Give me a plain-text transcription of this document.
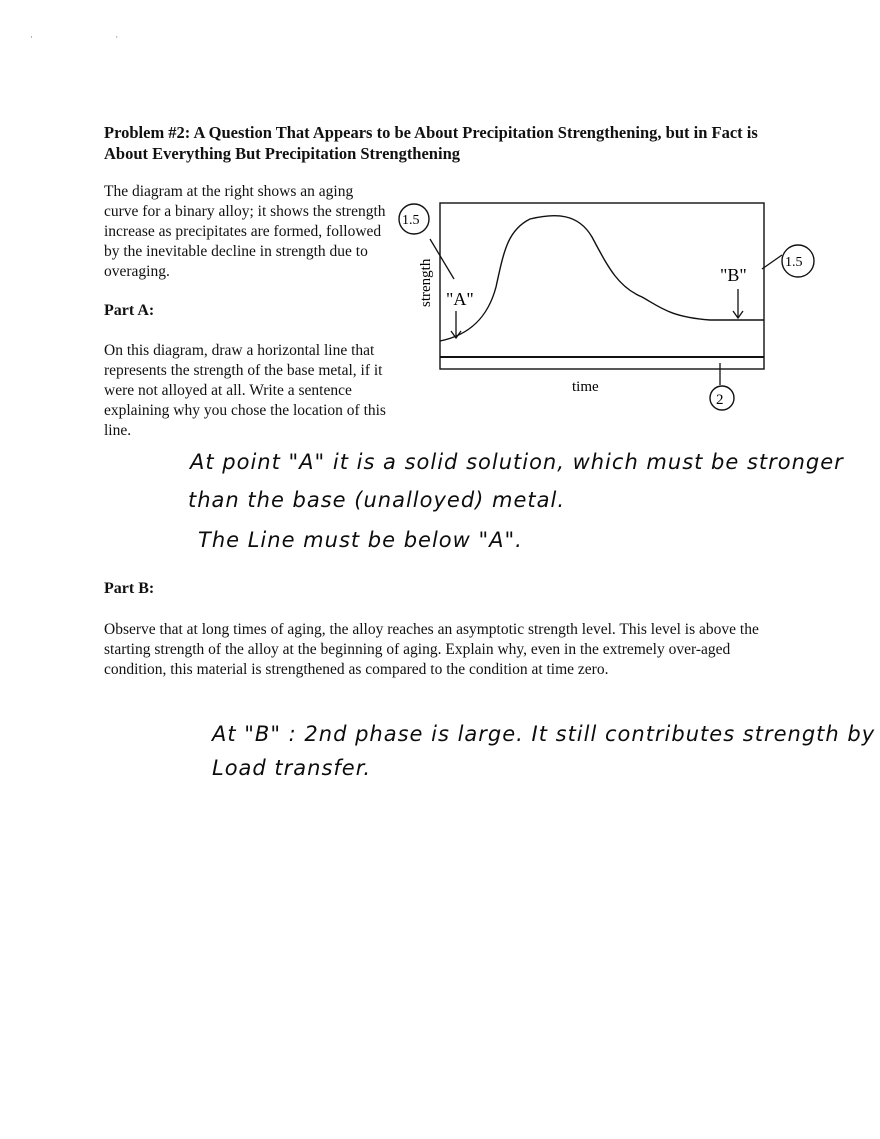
· ·
Problem #2: A Question That Appears to be About Precipitation Strengthening, but in Fact is About Everything But Precipitation Strengthening
The diagram at the right shows an aging curve for a binary alloy; it shows the strength increase as precipitates are formed, followed by the inevitable decline in strength due to overaging.
Part A:
On this diagram, draw a horizontal line that represents the strength of the base metal, if it were not alloyed at all. Write a sentence explaining why you chose the location of this line.
strength
time
1.5
"A"
"B"
1.5
2
At point "A" it is a solid solution, which must be stronger
than the base (unalloyed) metal.
The Line must be below "A".
Part B:
Observe that at long times of aging, the alloy reaches an asymptotic strength level. This level is above the starting strength of the alloy at the beginning of aging. Explain why, even in the extremely over-aged condition, this material is strengthened as compared to the condition at time zero.
At "B" : 2nd phase is large. It still contributes strength by
Load transfer.
